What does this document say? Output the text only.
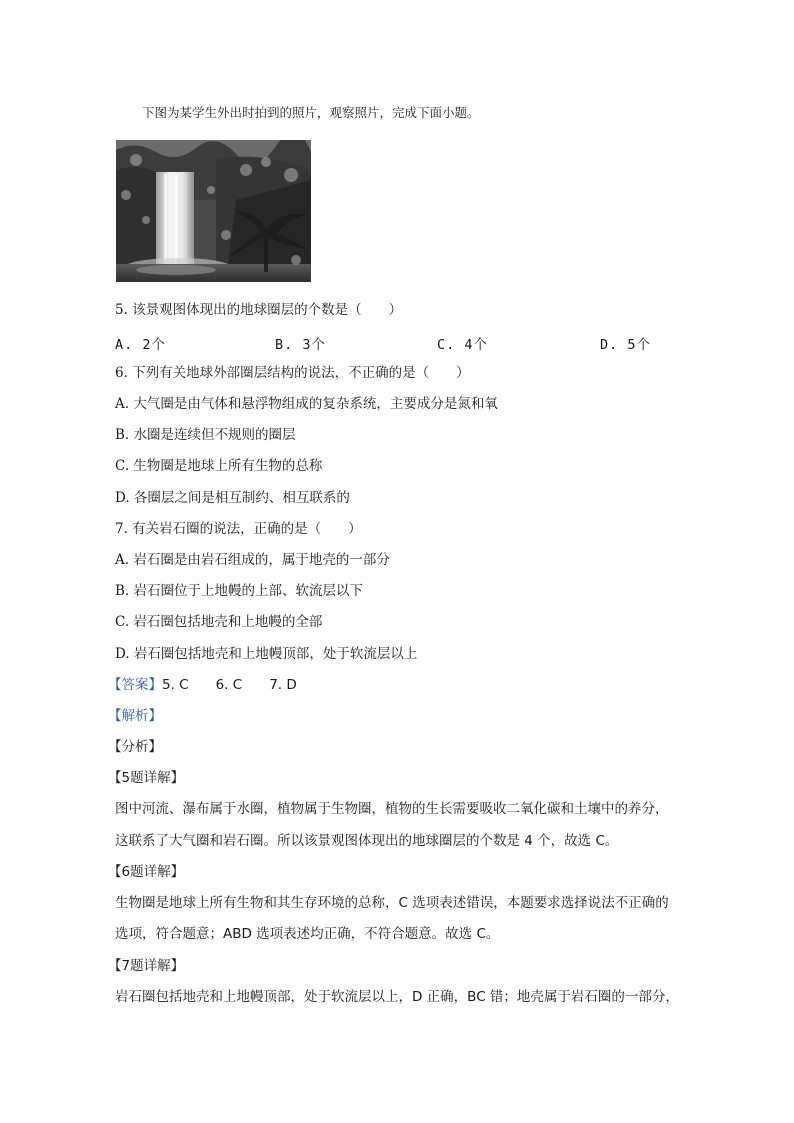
下图为某学生外出时拍到的照片，观察照片，完成下面小题。
5. 该景观图体现出的地球圈层的个数是（　　）
A. 2个	B. 3个	C. 4个	D. 5个
6. 下列有关地球外部圈层结构的说法，不正确的是（　　）
A. 大气圈是由气体和悬浮物组成的复杂系统，主要成分是氮和氧
B. 水圈是连续但不规则的圈层
C. 生物圈是地球上所有生物的总称
D. 各圈层之间是相互制约、相互联系的
7. 有关岩石圈的说法，正确的是（　　）
A. 岩石圈是由岩石组成的，属于地壳的一部分
B. 岩石圈位于上地幔的上部、软流层以下
C. 岩石圈包括地壳和上地幔的全部
D. 岩石圈包括地壳和上地幔顶部，处于软流层以上
【答案】5. C　　6. C　　7. D
【解析】
【分析】
【5题详解】
图中河流、瀑布属于水圈，植物属于生物圈，植物的生长需要吸收二氧化碳和土壤中的养分，
这联系了大气圈和岩石圈。所以该景观图体现出的地球圈层的个数是 4 个，故选 C。
【6题详解】
生物圈是地球上所有生物和其生存环境的总称，C 选项表述错误，本题要求选择说法不正确的
选项，符合题意；ABD 选项表述均正确，不符合题意。故选 C。
【7题详解】
岩石圈包括地壳和上地幔顶部，处于软流层以上，D 正确，BC 错；地壳属于岩石圈的一部分，
